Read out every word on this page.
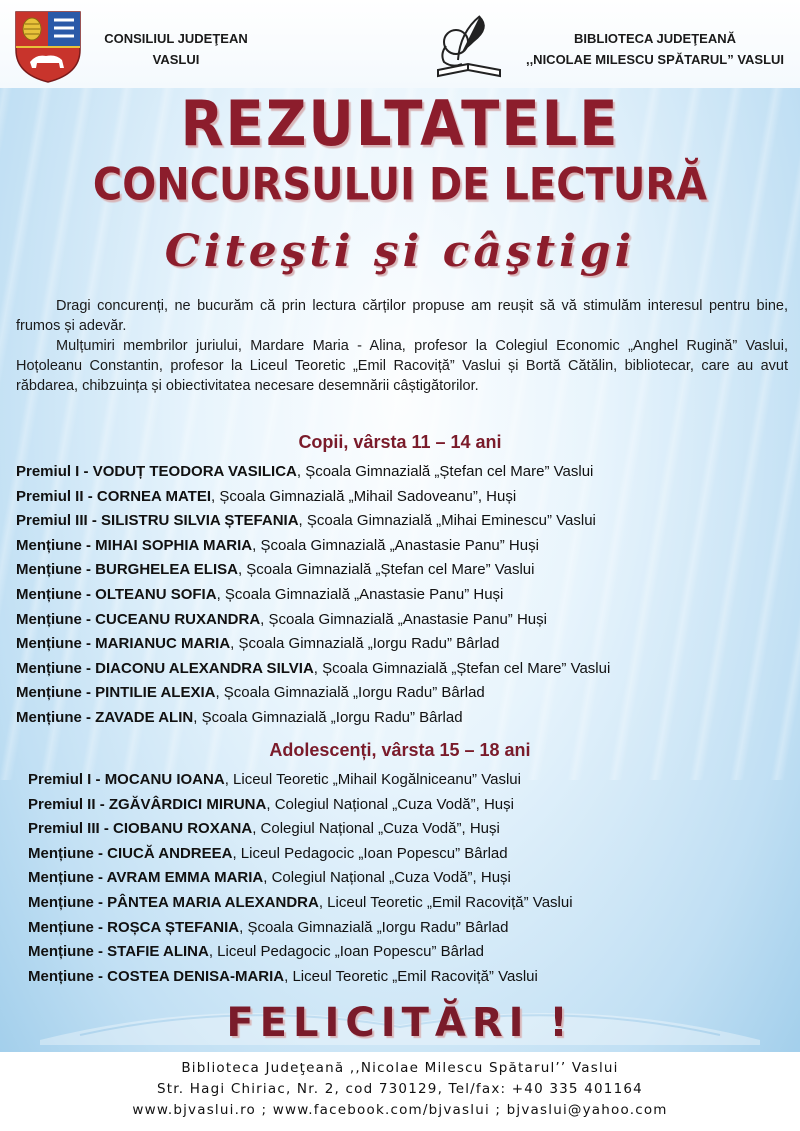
CONSILIUL JUDEŢEAN
VASLUI
BIBLIOTECA JUDEŢEANĂ
,,NICOLAE MILESCU SPĂTARUL” VASLUI
REZULTATELE
CONCURSULUI DE LECTURĂ
Citeşti şi câştigi

Dragi concurenți, ne bucurăm că prin lectura cărților propuse am reușit să vă stimulăm interesul pentru bine, frumos și adevăr.

Mulțumiri membrilor juriului, Mardare Maria - Alina, profesor la Colegiul Economic „Anghel Rugină” Vaslui, Hoțoleanu Constantin, profesor la Liceul Teoretic „Emil Racoviță” Vaslui și Bortă Cătălin, bibliotecar, care au avut răbdarea, chibzuința și obiectivitatea necesare desemnării câștigătorilor.

Copii, vârsta 11 – 14 ani
Premiul I - VODUȚ TEODORA VASILICA, Școala Gimnazială „Ștefan cel Mare” Vaslui
Premiul II - CORNEA MATEI, Școala Gimnazială „Mihail Sadoveanu”, Huși
Premiul III - SILISTRU SILVIA ȘTEFANIA, Școala Gimnazială „Mihai Eminescu” Vaslui
Mențiune - MIHAI SOPHIA MARIA, Școala Gimnazială „Anastasie Panu” Huși
Mențiune - BURGHELEA ELISA, Școala Gimnazială „Ștefan cel Mare” Vaslui
Mențiune - OLTEANU SOFIA, Școala Gimnazială „Anastasie Panu” Huși
Mențiune - CUCEANU RUXANDRA, Școala Gimnazială „Anastasie Panu” Huși
Mențiune - MARIANUC MARIA, Școala Gimnazială „Iorgu Radu” Bârlad
Mențiune - DIACONU ALEXANDRA SILVIA, Școala Gimnazială „Ștefan cel Mare” Vaslui
Mențiune - PINTILIE ALEXIA, Școala Gimnazială „Iorgu Radu” Bârlad
Mențiune - ZAVADE ALIN, Școala Gimnazială „Iorgu Radu” Bârlad
Adolescenți, vârsta 15 – 18 ani
Premiul I - MOCANU IOANA, Liceul Teoretic „Mihail Kogălniceanu” Vaslui
Premiul II - ZGĂVÂRDICI MIRUNA, Colegiul Național „Cuza Vodă”, Huși
Premiul III - CIOBANU ROXANA, Colegiul Național „Cuza Vodă”, Huși
Mențiune - CIUCĂ ANDREEA, Liceul Pedagocic „Ioan Popescu” Bârlad
Mențiune - AVRAM EMMA MARIA, Colegiul Național „Cuza Vodă”, Huși
Mențiune - PÂNTEA MARIA ALEXANDRA, Liceul Teoretic „Emil Racoviță” Vaslui
Mențiune - ROȘCA ȘTEFANIA, Școala Gimnazială „Iorgu Radu” Bârlad
Mențiune - STAFIE ALINA, Liceul Pedagocic „Ioan Popescu” Bârlad
Mențiune - COSTEA DENISA-MARIA, Liceul Teoretic „Emil Racoviță” Vaslui
FELICITĂRI !
Biblioteca Judeţeană ,,Nicolae Milescu Spătarul’’ Vaslui
Str. Hagi Chiriac, Nr. 2, cod 730129, Tel/fax: +40 335 401164
www.bjvaslui.ro ; www.facebook.com/bjvaslui ; bjvaslui@yahoo.com
